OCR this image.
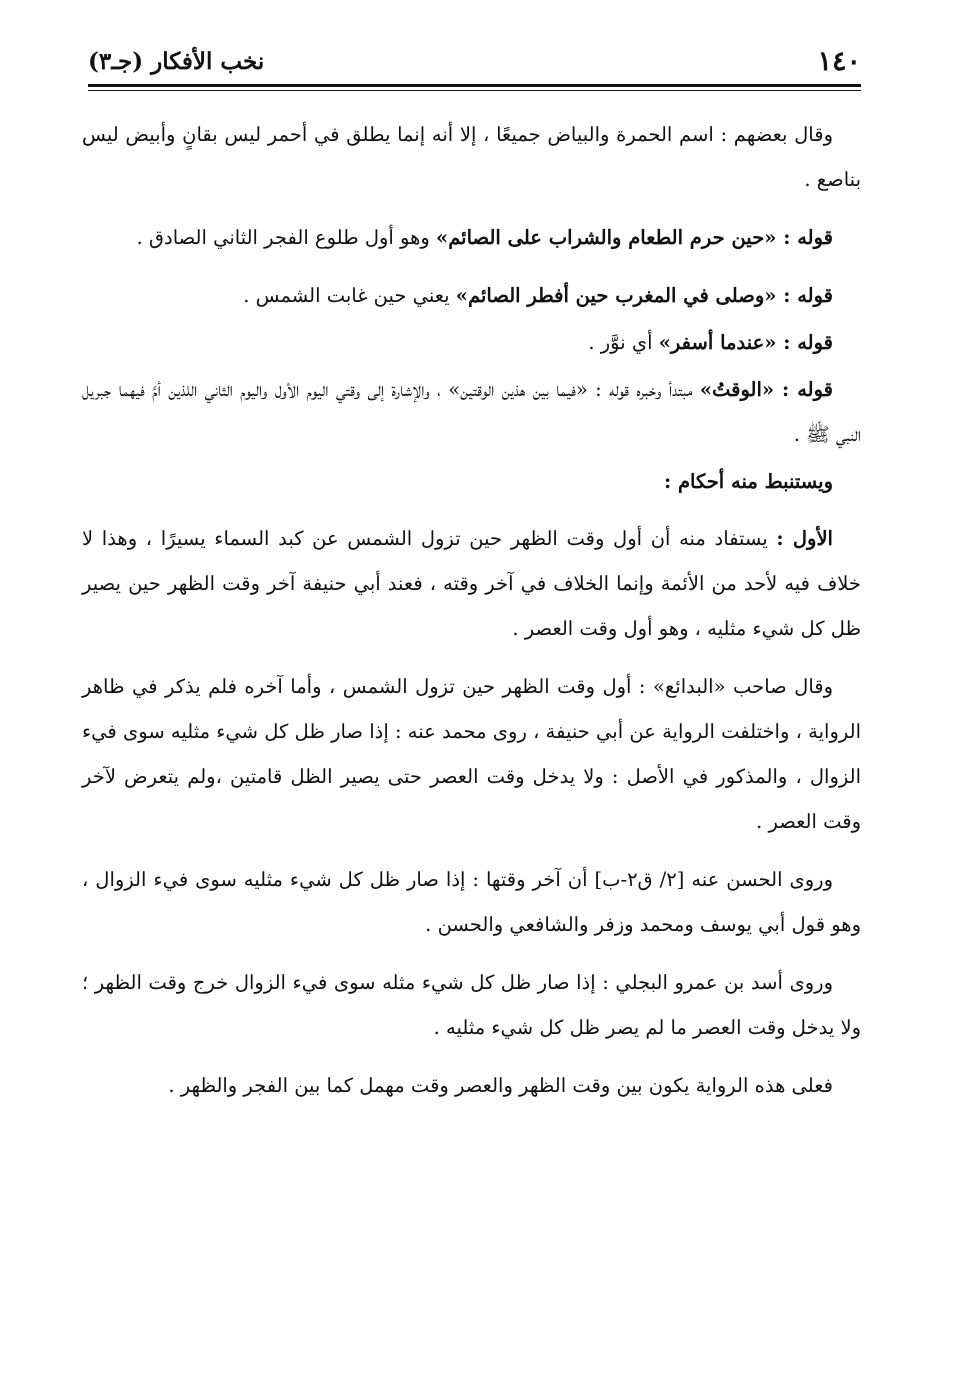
١٤٠
نخب الأفكار (جـ٣)

وقال بعضهم : اسم الحمرة والبياض جميعًا ، إلا أنه إنما يطلق في أحمر ليس بقانٍ وأبيض ليس بناصع .

قوله : «حين حرم الطعام والشراب على الصائم» وهو أول طلوع الفجر الثاني الصادق .

قوله : «وصلى في المغرب حين أفطر الصائم» يعني حين غابت الشمس .

قوله : «عندما أسفر» أي نوَّر .

قوله : «الوقتُ» مبتدأ وخبره قوله : «فيما بين هذين الوقتين» ، والإشارة إلى وقتي اليوم الأول واليوم الثاني اللذين أمَّ فيهما جبريل النبي ﷺ .

ويستنبط منه أحكام :

الأول : يستفاد منه أن أول وقت الظهر حين تزول الشمس عن كبد السماء يسيرًا ، وهذا لا خلاف فيه لأحد من الأئمة وإنما الخلاف في آخر وقته ، فعند أبي حنيفة آخر وقت الظهر حين يصير ظل كل شيء مثليه ، وهو أول وقت العصر .

وقال صاحب «البدائع» : أول وقت الظهر حين تزول الشمس ، وأما آخره فلم يذكر في ظاهر الرواية ، واختلفت الرواية عن أبي حنيفة ، روى محمد عنه : إذا صار ظل كل شيء مثليه سوى فيء الزوال ، والمذكور في الأصل : ولا يدخل وقت العصر حتى يصير الظل قامتين ،ولم يتعرض لآخر وقت العصر .

وروى الحسن عنه [٢/ ق٢-ب] أن آخر وقتها : إذا صار ظل كل شيء مثليه سوى فيء الزوال ، وهو قول أبي يوسف ومحمد وزفر والشافعي والحسن .

وروى أسد بن عمرو البجلي : إذا صار ظل كل شيء مثله سوى فيء الزوال خرج وقت الظهر ؛ ولا يدخل وقت العصر ما لم يصر ظل كل شيء مثليه .

فعلى هذه الرواية يكون بين وقت الظهر والعصر وقت مهمل كما بين الفجر والظهر .
